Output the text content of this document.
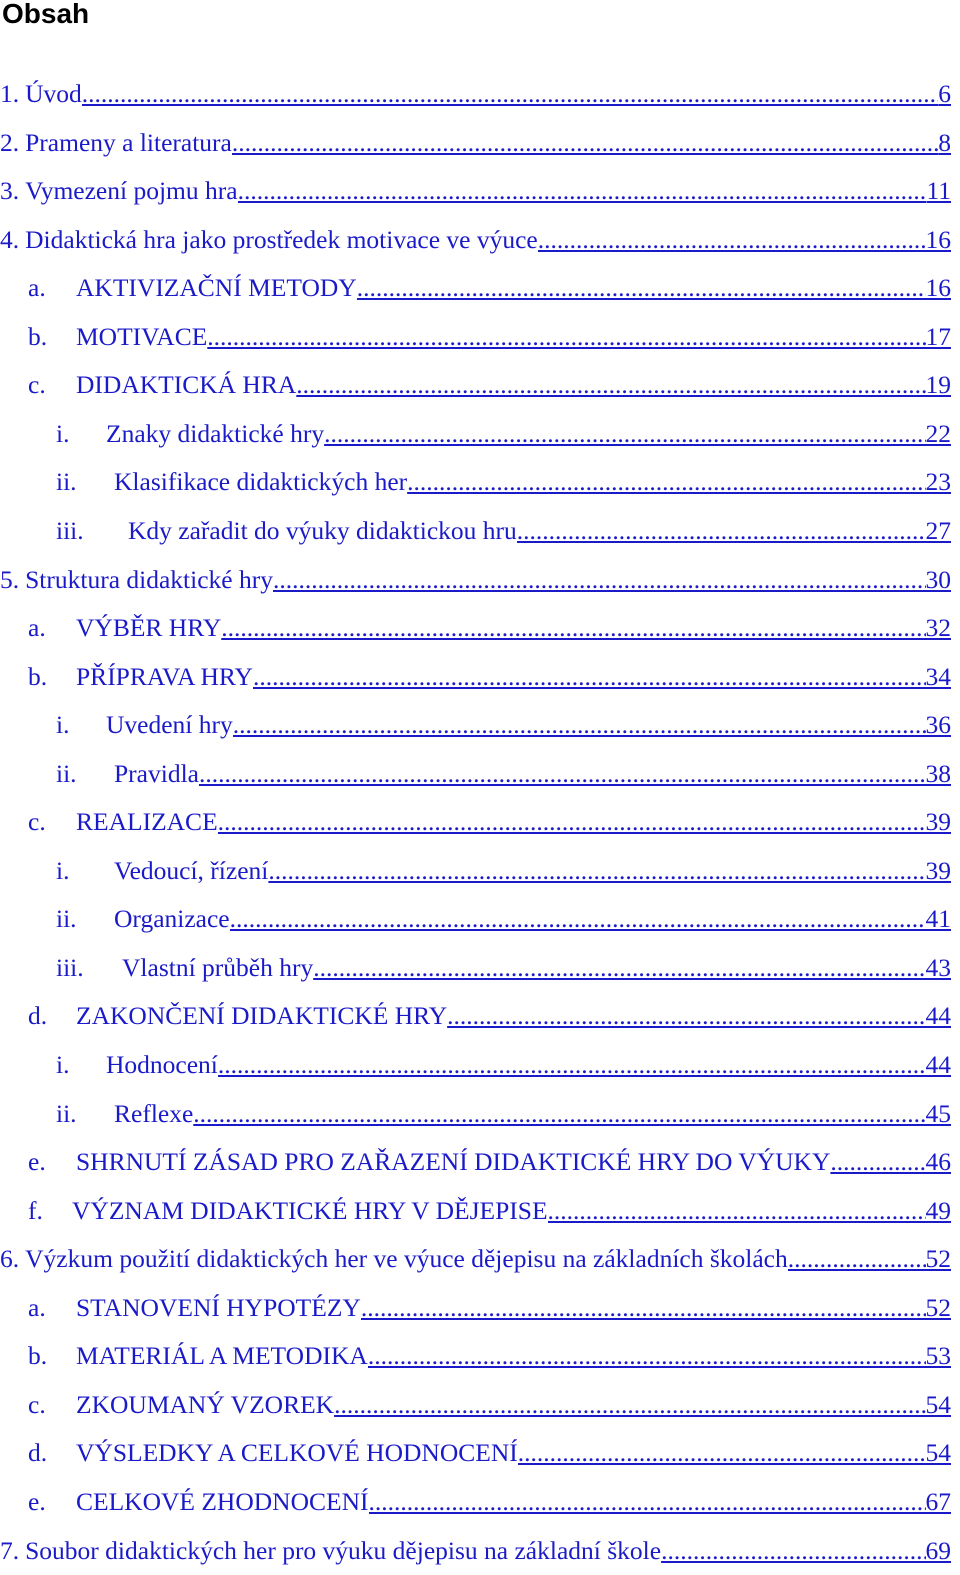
Obsah
1. Úvod .....	6
2. Prameny a literatura .....	8
3. Vymezení pojmu hra .....	11
4. Didaktická hra jako prostředek motivace ve výuce .....	16
a. AKTIVIZAČNÍ METODY .....	16
b. MOTIVACE .....	17
c. DIDAKTICKÁ HRA .....	19
i. Znaky didaktické hry .....	22
ii. Klasifikace didaktických her .....	23
iii. Kdy zařadit do výuky didaktickou hru .....	27
5. Struktura didaktické hry .....	30
a. VÝBĚR HRY .....	32
b. PŘÍPRAVA HRY .....	34
i. Uvedení hry .....	36
ii. Pravidla .....	38
c. REALIZACE .....	39
i. Vedoucí, řízení .....	39
ii. Organizace .....	41
iii. Vlastní průběh hry .....	43
d. ZAKONČENÍ DIDAKTICKÉ HRY .....	44
i. Hodnocení .....	44
ii. Reflexe .....	45
e. SHRNUTÍ ZÁSAD PRO ZAŘAZENÍ DIDAKTICKÉ HRY DO VÝUKY .....	46
f. VÝZNAM DIDAKTICKÉ HRY V DĚJEPISE .....	49
6. Výzkum použití didaktických her ve výuce dějepisu na základních školách .....	52
a. STANOVENÍ HYPOTÉZY .....	52
b. MATERIÁL A METODIKA .....	53
c. ZKOUMANÝ VZOREK .....	54
d. VÝSLEDKY A CELKOVÉ HODNOCENÍ .....	54
e. CELKOVÉ ZHODNOCENÍ .....	67
7. Soubor didaktických her pro výuku dějepisu na základní škole .....	69
